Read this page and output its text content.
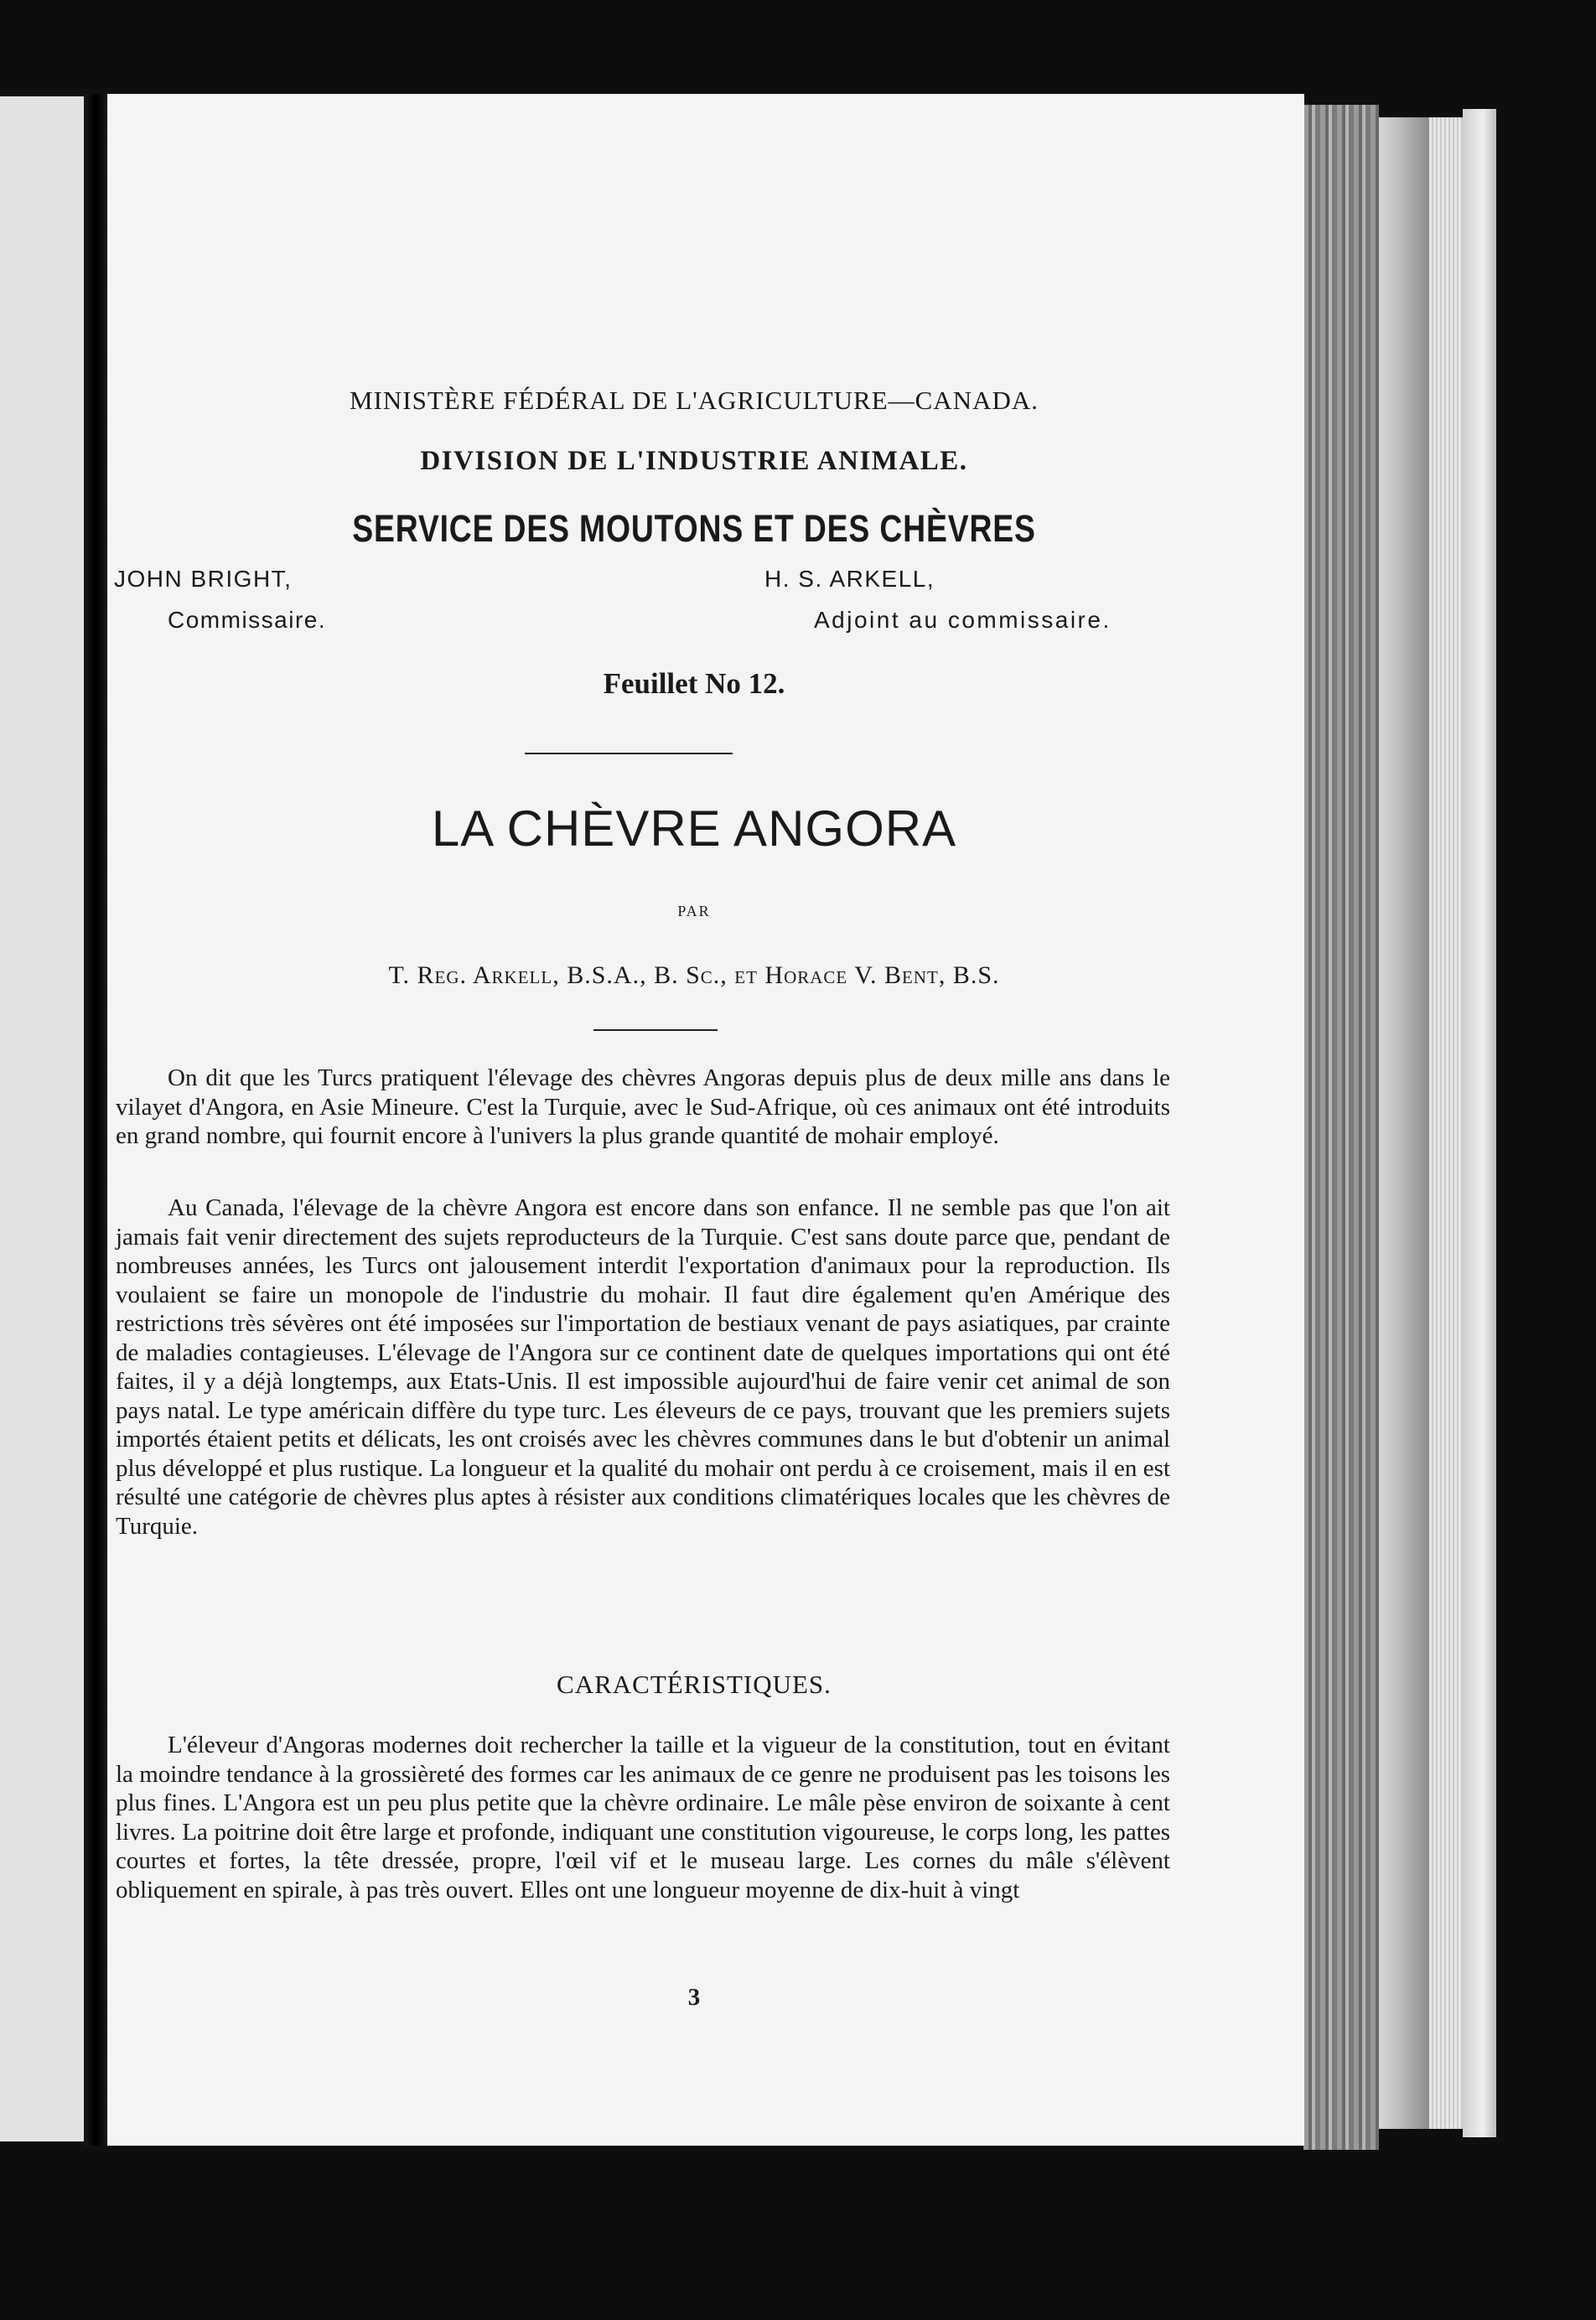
MINISTÈRE FÉDÉRAL DE L'AGRICULTURE—CANADA.
DIVISION DE L'INDUSTRIE ANIMALE.
SERVICE DES MOUTONS ET DES CHÈVRES
JOHN BRIGHT,
Commissaire.
H. S. ARKELL,
Adjoint au commissaire.
Feuillet No 12.
LA CHÈVRE ANGORA
PAR
T. Reg. Arkell, B.S.A., B. Sc., et Horace V. Bent, B.S.

On dit que les Turcs pratiquent l'élevage des chèvres Angoras depuis plus de deux mille ans dans le vilayet d'Angora, en Asie Mineure. C'est la Turquie, avec le Sud-Afrique, où ces animaux ont été introduits en grand nombre, qui fournit encore à l'univers la plus grande quantité de mohair employé.

Au Canada, l'élevage de la chèvre Angora est encore dans son enfance. Il ne semble pas que l'on ait jamais fait venir directement des sujets reproducteurs de la Turquie. C'est sans doute parce que, pendant de nombreuses années, les Turcs ont jalousement interdit l'exportation d'animaux pour la reproduction. Ils voulaient se faire un monopole de l'industrie du mohair. Il faut dire également qu'en Amérique des restrictions très sévères ont été imposées sur l'importation de bestiaux venant de pays asiatiques, par crainte de maladies contagieuses. L'élevage de l'Angora sur ce continent date de quelques importations qui ont été faites, il y a déjà longtemps, aux Etats-Unis. Il est impossible aujourd'hui de faire venir cet animal de son pays natal. Le type américain diffère du type turc. Les éleveurs de ce pays, trouvant que les premiers sujets importés étaient petits et délicats, les ont croisés avec les chèvres communes dans le but d'obtenir un animal plus développé et plus rustique. La longueur et la qualité du mohair ont perdu à ce croisement, mais il en est résulté une catégorie de chèvres plus aptes à résister aux conditions climatériques locales que les chèvres de Turquie.

CARACTÉRISTIQUES.

L'éleveur d'Angoras modernes doit rechercher la taille et la vigueur de la constitution, tout en évitant la moindre tendance à la grossièreté des formes car les animaux de ce genre ne produisent pas les toisons les plus fines. L'Angora est un peu plus petite que la chèvre ordinaire. Le mâle pèse environ de soixante à cent livres. La poitrine doit être large et profonde, indiquant une constitution vigoureuse, le corps long, les pattes courtes et fortes, la tête dressée, propre, l'œil vif et le museau large. Les cornes du mâle s'élèvent obliquement en spirale, à pas très ouvert. Elles ont une longueur moyenne de dix-huit à vingt

3
